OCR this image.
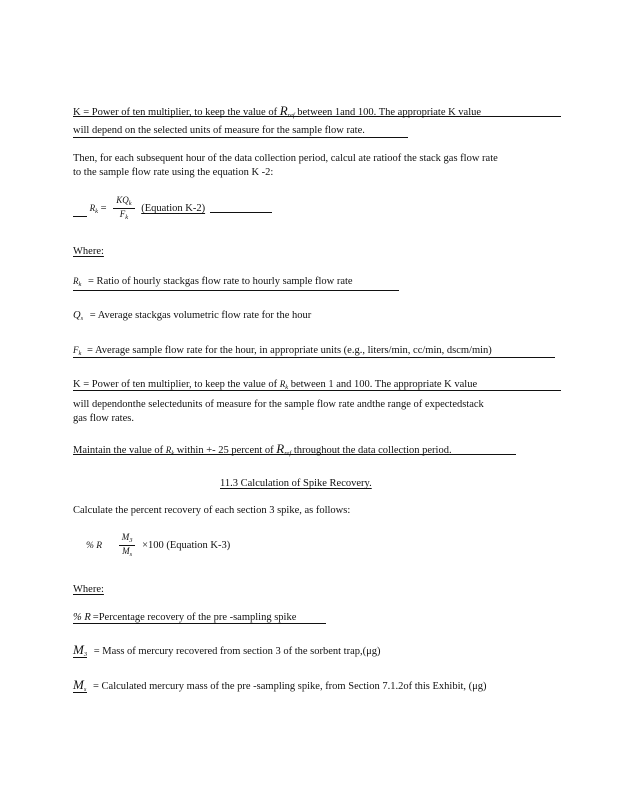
K = Power of ten multiplier, to keep the value of $R_{ref}$ between 1and 100. The appropriate K value
will depend on the selected units of measure for the sample flow rate.
Then, for each subsequent hour of the data collection period, calcul ate ratioof the stack gas flow rate
to the sample flow rate using the equation K -2:
$R_k = \frac{KQ_k}{F_k}$ (Equation K-2)
Where:
$R_k$ = Ratio of hourly stackgas flow rate to hourly sample flow rate
$Q_s$ = Average stackgas volumetric flow rate for the hour
$F_k$ = Average sample flow rate for the hour, in appropriate units (e.g., liters/min, cc/min, dscm/min)
K = Power of ten multiplier, to keep the value of $R_k$ between 1 and 100. The appropriate K value
will dependonthe selectedunits of measure for the sample flow rate andthe range of expectedstack
gas flow rates.
Maintain the value of $R_k$ within +- 25 percent of $R_{ref}$ throughout the data collection period.
11.3 Calculation of Spike Recovery.
Calculate the percent recovery of each section 3 spike, as follows:
% R $\frac{M_3}{M_s} \times 100$ (Equation K-3)
Where:
% R =Percentage recovery of the pre -sampling spike
$M_3$ = Mass of mercury recovered from section 3 of the sorbent trap,(μg)
$M_s$ = Calculated mercury mass of the pre -sampling spike, from Section 7.1.2of this Exhibit, (μg)
